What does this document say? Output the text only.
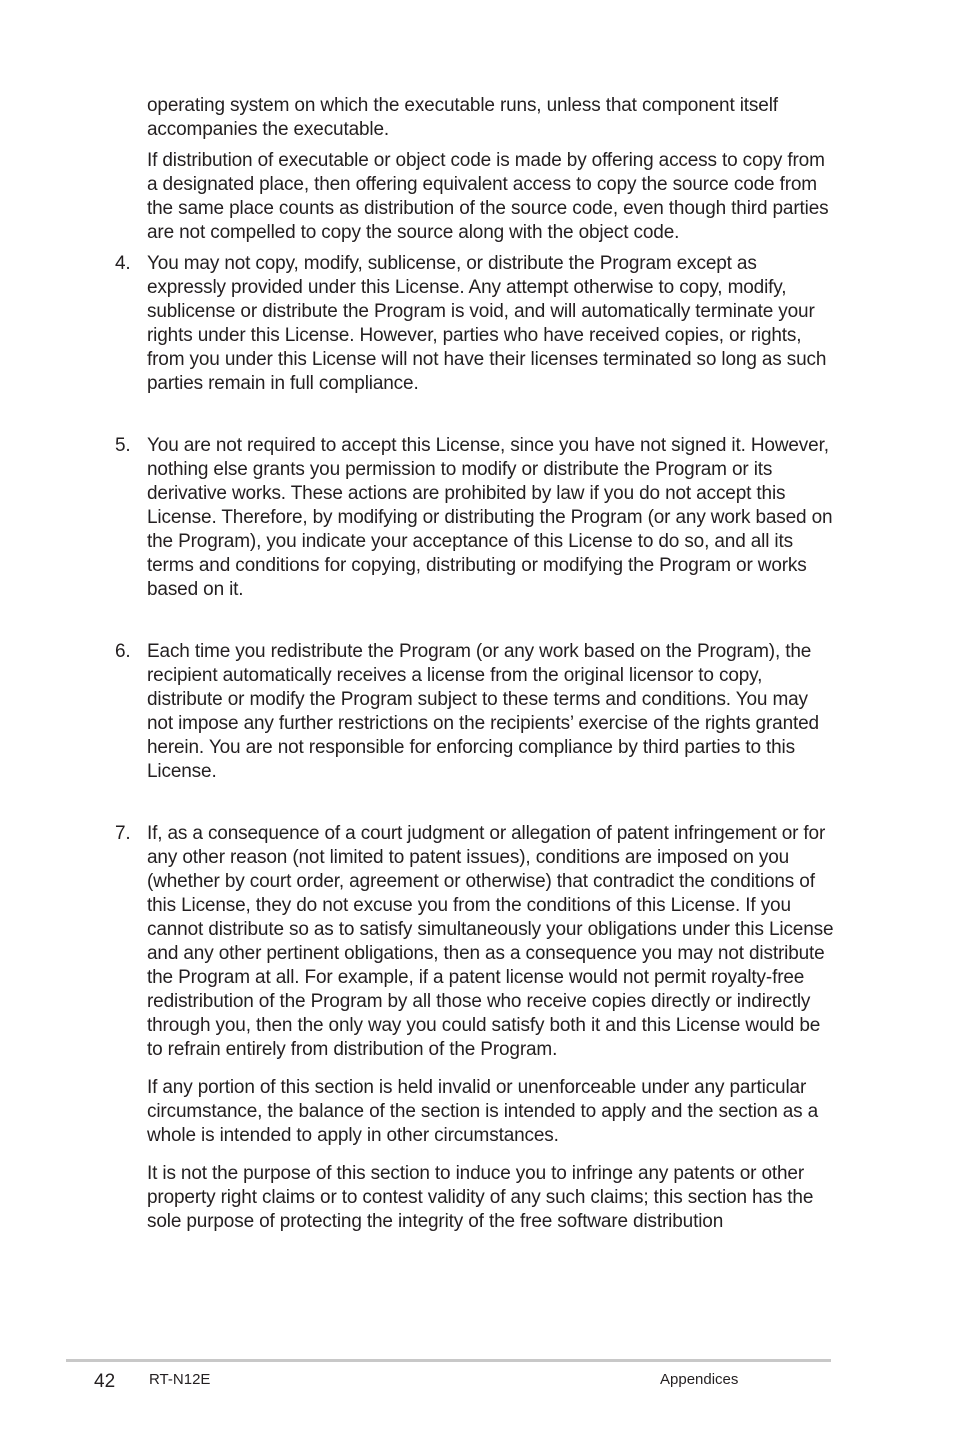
operating system on which the executable runs, unless that component itself accompanies the executable.

If distribution of executable or object code is made by offering access to copy from a designated place, then offering equivalent access to copy the source code from the same place counts as distribution of the source code, even though third parties are not compelled to copy the source along with the object code.

4. You may not copy, modify, sublicense, or distribute the Program except as expressly provided under this License. Any attempt otherwise to copy, modify, sublicense or distribute the Program is void, and will automatically terminate your rights under this License. However, parties who have received copies, or rights, from you under this License will not have their licenses terminated so long as such parties remain in full compliance.

5. You are not required to accept this License, since you have not signed it. However, nothing else grants you permission to modify or distribute the Program or its derivative works. These actions are prohibited by law if you do not accept this License. Therefore, by modifying or distributing the Program (or any work based on the Program), you indicate your acceptance of this License to do so, and all its terms and conditions for copying, distributing or modifying the Program or works based on it.

6. Each time you redistribute the Program (or any work based on the Program), the recipient automatically receives a license from the original licensor to copy, distribute or modify the Program subject to these terms and conditions. You may not impose any further restrictions on the recipients’ exercise of the rights granted herein. You are not responsible for enforcing compliance by third parties to this License.

7. If, as a consequence of a court judgment or allegation of patent infringement or for any other reason (not limited to patent issues), conditions are imposed on you (whether by court order, agreement or otherwise) that contradict the conditions of this License, they do not excuse you from the conditions of this License. If you cannot distribute so as to satisfy simultaneously your obligations under this License and any other pertinent obligations, then as a consequence you may not distribute the Program at all. For example, if a patent license would not permit royalty-free redistribution of the Program by all those who receive copies directly or indirectly through you, then the only way you could satisfy both it and this License would be to refrain entirely from distribution of the Program.

If any portion of this section is held invalid or unenforceable under any particular circumstance, the balance of the section is intended to apply and the section as a whole is intended to apply in other circumstances.

It is not the purpose of this section to induce you to infringe any patents or other property right claims or to contest validity of any such claims; this section has the sole purpose of protecting the integrity of the free software distribution

42 RT-N12E	Appendices
